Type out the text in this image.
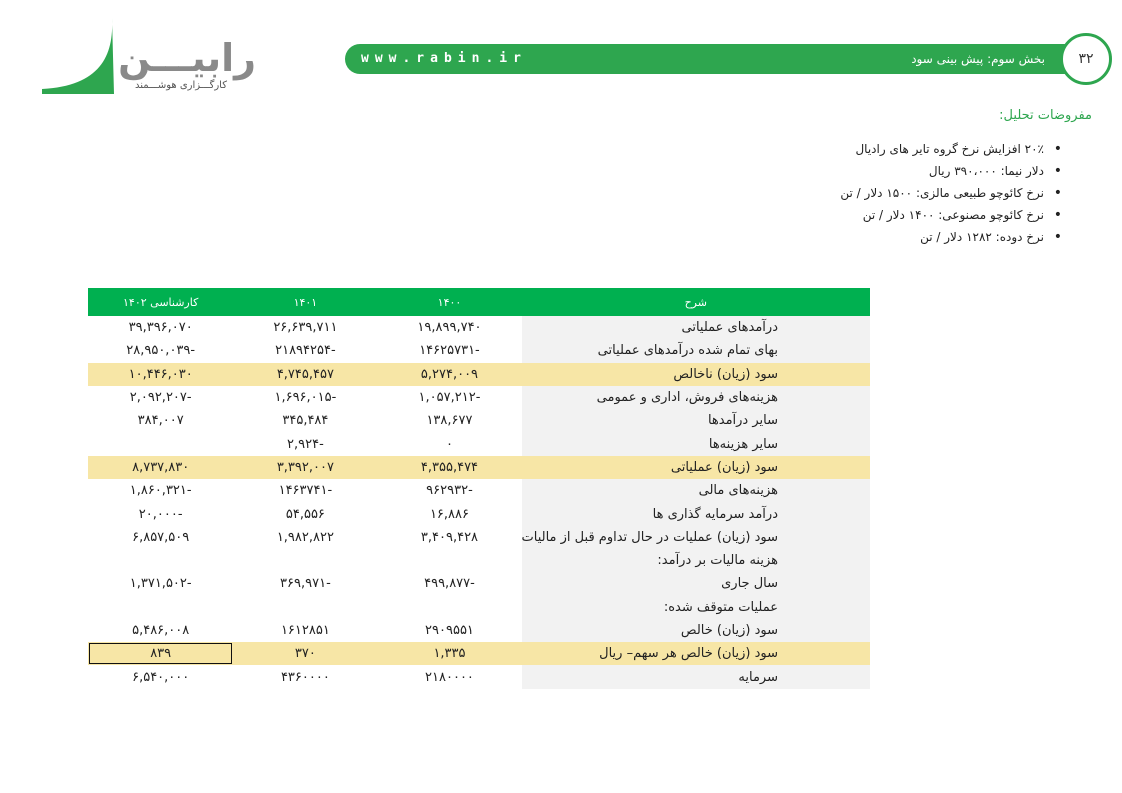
رابیـــن
کارگـــزاری هوشـــمند
www.rabin.ir	بخش سوم: پیش بینی سود	۳۲
مفروضات تحلیل:
• ۲۰٪ افزایش نرخ گروه تایر های رادیال
• دلار نیما: ۳۹۰،۰۰۰ ریال
• نرخ کائوچو طبیعی مالزی: ۱۵۰۰ دلار / تن
• نرخ کائوچو مصنوعی: ۱۴۰۰ دلار / تن
• نرخ دوده: ۱۲۸۲ دلار / تن
شرح	۱۴۰۰	۱۴۰۱	کارشناسی ۱۴۰۲
درآمدهای عملیاتی	۱۹,۸۹۹,۷۴۰	۲۶,۶۳۹,۷۱۱	۳۹,۳۹۶,۰۷۰
بهای تمام شده درآمدهای عملیاتی	-۱۴۶۲۵۷۳۱	-۲۱۸۹۴۲۵۴	-۲۸,۹۵۰,۰۳۹
سود (زیان) ناخالص	۵,۲۷۴,۰۰۹	۴,۷۴۵,۴۵۷	۱۰,۴۴۶,۰۳۰
هزینه‌های فروش، اداری و عمومی	-۱,۰۵۷,۲۱۲	-۱,۶۹۶,۰۱۵	-۲,۰۹۲,۲۰۷
سایر درآمدها	۱۳۸,۶۷۷	۳۴۵,۴۸۴	۳۸۴,۰۰۷
سایر هزینه‌ها	۰	-۲,۹۲۴	
سود (زیان) عملیاتی	۴,۳۵۵,۴۷۴	۳,۳۹۲,۰۰۷	۸,۷۳۷,۸۳۰
هزینه‌های مالی	-۹۶۲۹۳۲	-۱۴۶۳۷۴۱	-۱,۸۶۰,۳۲۱
درآمد سرمایه گذاری ها	۱۶,۸۸۶	۵۴,۵۵۶	-۲۰,۰۰۰
سود (زیان) عملیات در حال تداوم قبل از مالیات	۳,۴۰۹,۴۲۸	۱,۹۸۲,۸۲۲	۶,۸۵۷,۵۰۹
هزینه مالیات بر درآمد:			
سال جاری	-۴۹۹,۸۷۷	-۳۶۹,۹۷۱	-۱,۳۷۱,۵۰۲
عملیات متوقف شده:			
سود (زیان) خالص	۲۹۰۹۵۵۱	۱۶۱۲۸۵۱	۵,۴۸۶,۰۰۸
سود (زیان) خالص هر سهم– ریال	۱,۳۳۵	۳۷۰	۸۳۹
سرمایه	۲۱۸۰۰۰۰	۴۳۶۰۰۰۰	۶,۵۴۰,۰۰۰
